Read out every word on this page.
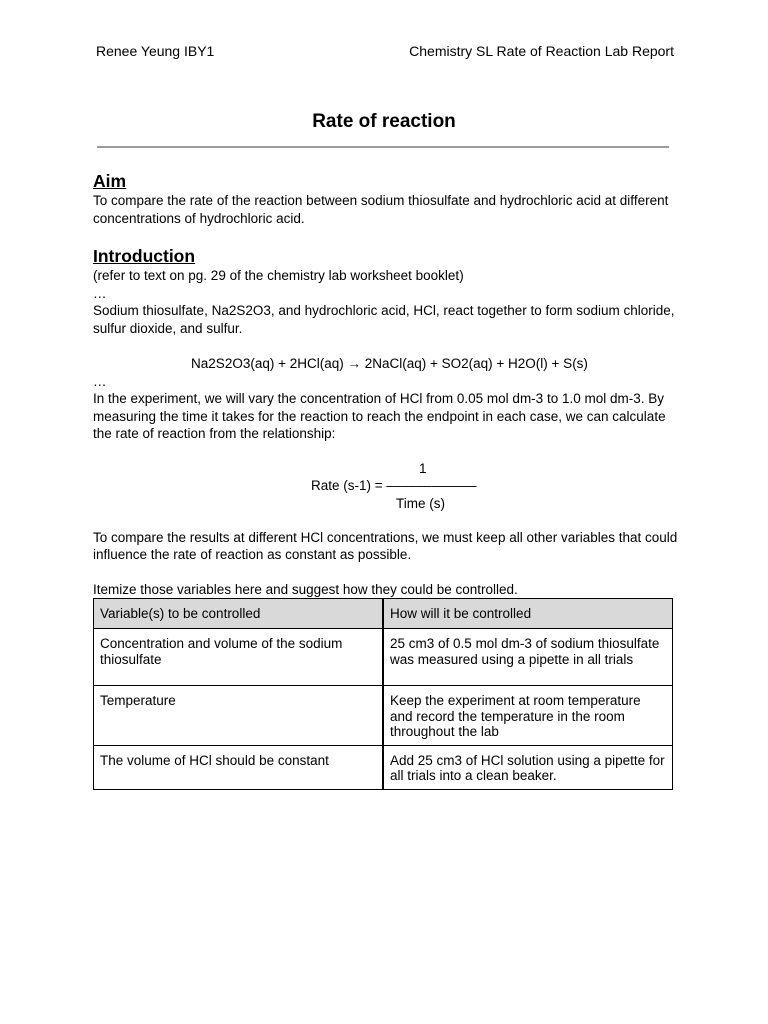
Renee Yeung IBY1	Chemistry SL Rate of Reaction Lab Report
Rate of reaction
Aim

To compare the rate of the reaction between sodium thiosulfate and hydrochloric acid at different concentrations of hydrochloric acid.

Introduction

(refer to text on pg. 29 of the chemistry lab worksheet booklet)

…

Sodium thiosulfate, Na2S2O3, and hydrochloric acid, HCl, react together to form sodium chloride, sulfur dioxide, and sulfur.

Na2S2O3(aq) + 2HCl(aq) → 2NaCl(aq) + SO2(aq) + H2O(l) + S(s)

…

In the experiment, we will vary the concentration of HCl from 0.05 mol dm-3 to 1.0 mol dm-3. By measuring the time it takes for the reaction to reach the endpoint in each case, we can calculate the rate of reaction from the relationship:

1
Rate (s-1) = ––––––––––––
Time (s)

To compare the results at different HCl concentrations, we must keep all other variables that could influence the rate of reaction as constant as possible.

Itemize those variables here and suggest how they could be controlled.

Variable(s) to be controlled	How will it be controlled
Concentration and volume of the sodium thiosulfate	25 cm3 of 0.5 mol dm-3 of sodium thiosulfate was measured using a pipette in all trials
Temperature	Keep the experiment at room temperature and record the temperature in the room throughout the lab
The volume of HCl should be constant	Add 25 cm3 of HCl solution using a pipette for all trials into a clean beaker.
